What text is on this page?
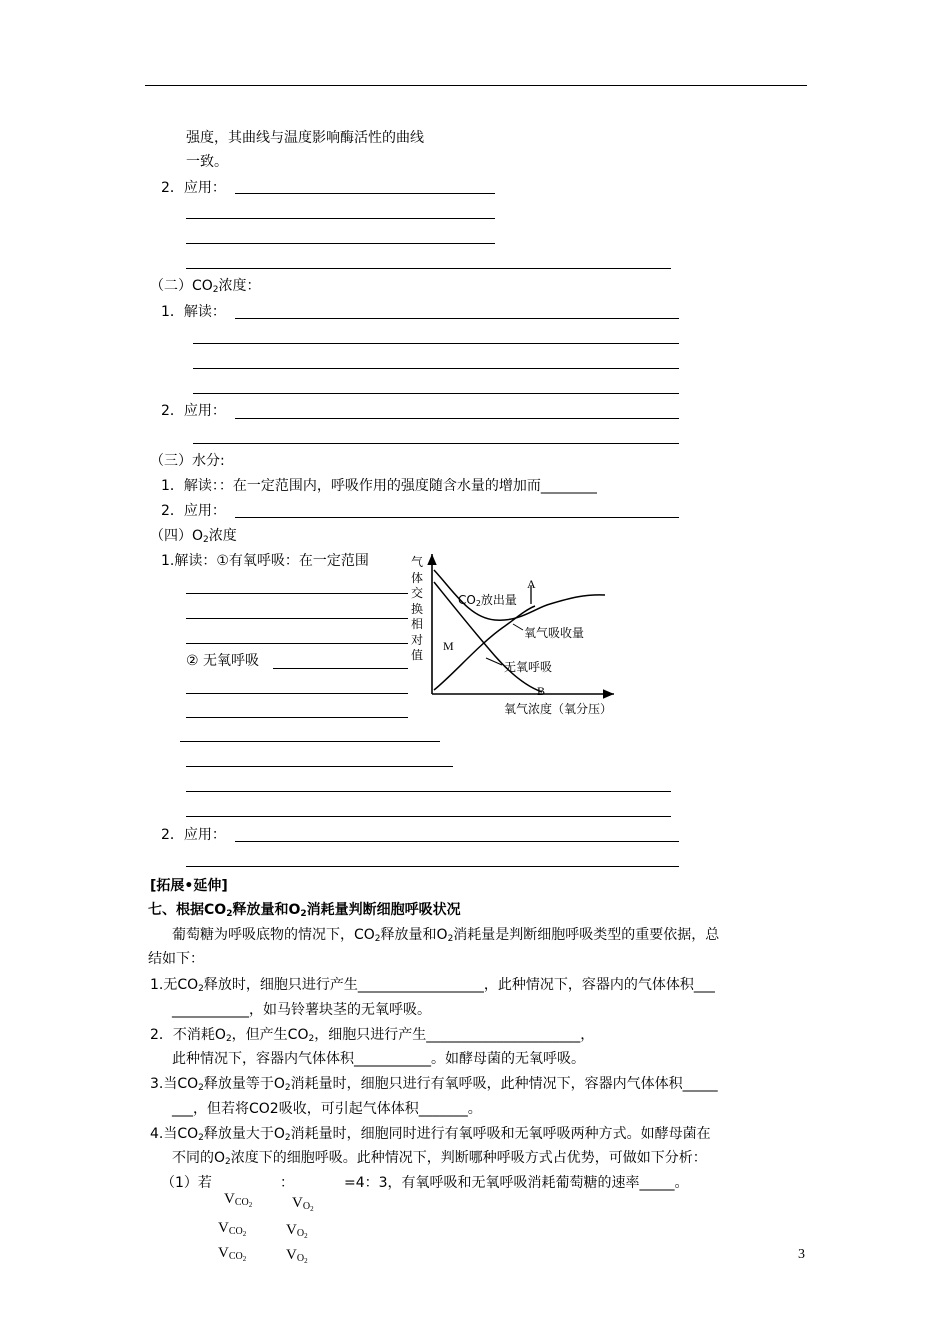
强度，其曲线与温度影响酶活性的曲线
一致。
2．应用：
（二）$CO_2$浓度：
1．解读：
2．应用：
（三）水分:
1．解读：：在一定范围内，呼吸作用的强度随含水量的增加而________
2．应用：
（四）$O_2$浓度
1.解读：①有氧呼吸：在一定范围
② 无氧呼吸
2．应用：
气
体
交
换
相
对
值
$CO_2$放出量
A
氧气吸收量
M
无氧呼吸
B
氧气浓度（氧分压）
[拓展•延伸]
七、根据$CO_2$释放量和$O_2$消耗量判断细胞呼吸状况
葡萄糖为呼吸底物的情况下，$CO_2$释放量和$O_2$消耗量是判断细胞呼吸类型的重要依据，总
结如下：
1.无$CO_2$释放时，细胞只进行产生__________________，此种情况下，容器内的气体体积___
___________，如马铃薯块茎的无氧呼吸。
2．不消耗$O_2$，但产生$CO_2$，细胞只进行产生______________________，
此种情况下，容器内气体体积___________。如酵母菌的无氧呼吸。
3.当$CO_2$释放量等于$O_2$消耗量时，细胞只进行有氧呼吸，此种情况下，容器内气体体积_____
___，但若将CO2吸收，可引起气体体积_______。
4.当$CO_2$释放量大于$O_2$消耗量时，细胞同时进行有氧呼吸和无氧呼吸两种方式。如酵母菌在
不同的$O_2$浓度下的细胞呼吸。此种情况下，判断哪种呼吸方式占优势，可做如下分析：
（1）若	：	=4：3，有氧呼吸和无氧呼吸消耗葡萄糖的速率_____。
$V_{CO_2}$	$V_{O_2}$
$V_{CO_2}$	$V_{O_2}$
$V_{CO_2}$	$V_{O_2}$	3
